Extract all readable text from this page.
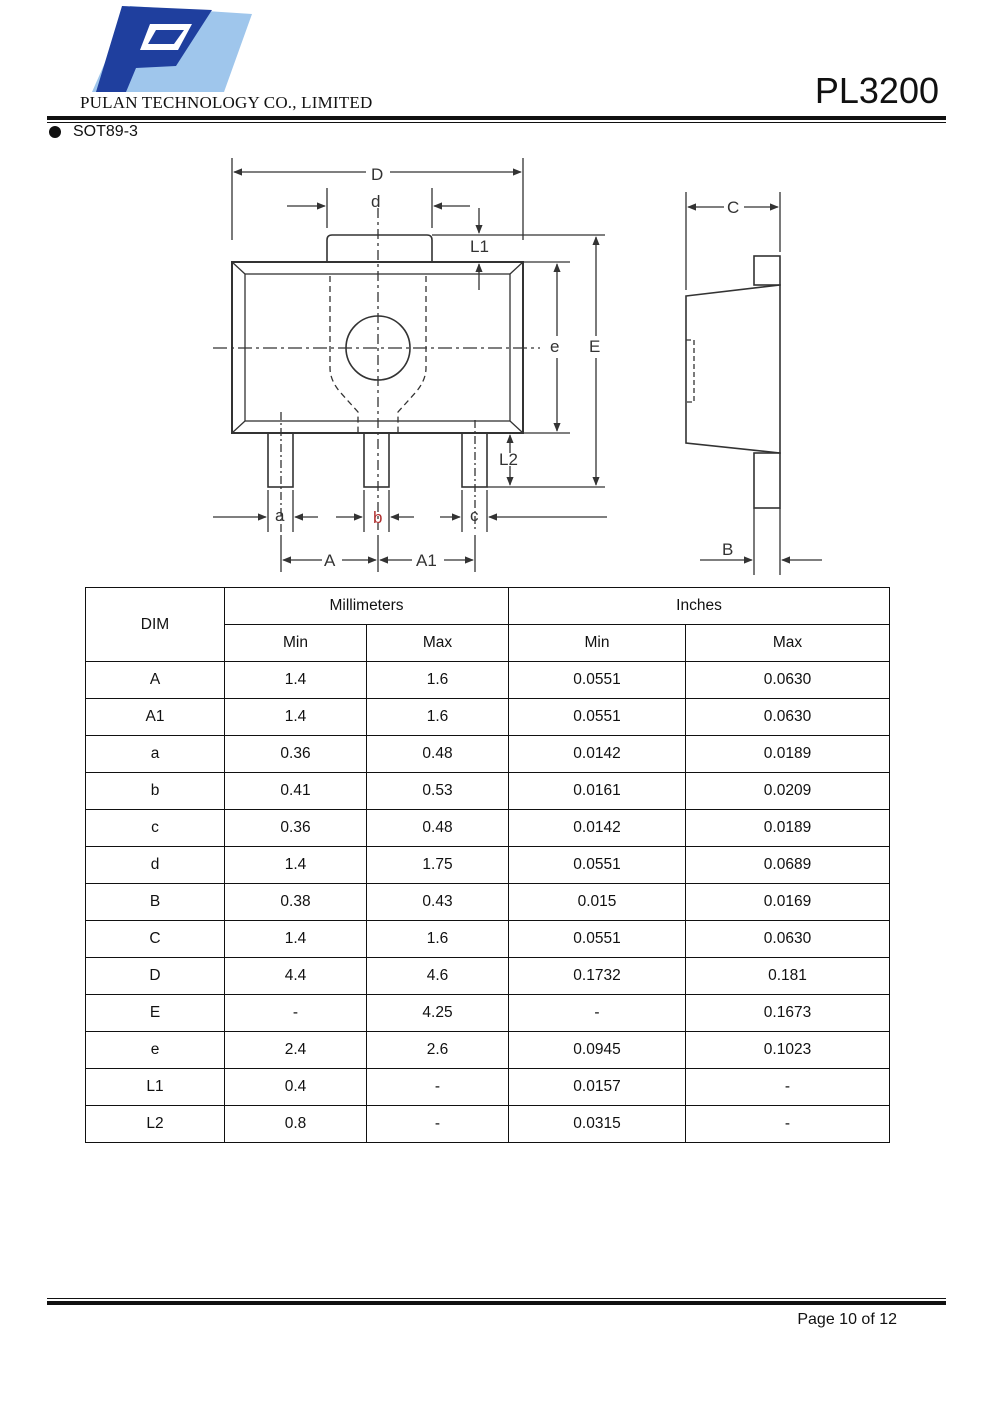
PULAN TECHNOLOGY CO., LIMITED	PL3200
SOT89-3
D
d
L1
e E
L2
a	b	c
A	A1
C
B
DIM	Millimeters		Inches	
	Min	Max	Min	Max
A	1.4	1.6	0.0551	0.0630
A1	1.4	1.6	0.0551	0.0630
a	0.36	0.48	0.0142	0.0189
b	0.41	0.53	0.0161	0.0209
c	0.36	0.48	0.0142	0.0189
d	1.4	1.75	0.0551	0.0689
B	0.38	0.43	0.015	0.0169
C	1.4	1.6	0.0551	0.0630
D	4.4	4.6	0.1732	0.181
E	-	4.25	-	0.1673
e	2.4	2.6	0.0945	0.1023
L1	0.4	-	0.0157	-
L2	0.8	-	0.0315	-
Page 10 of 12
